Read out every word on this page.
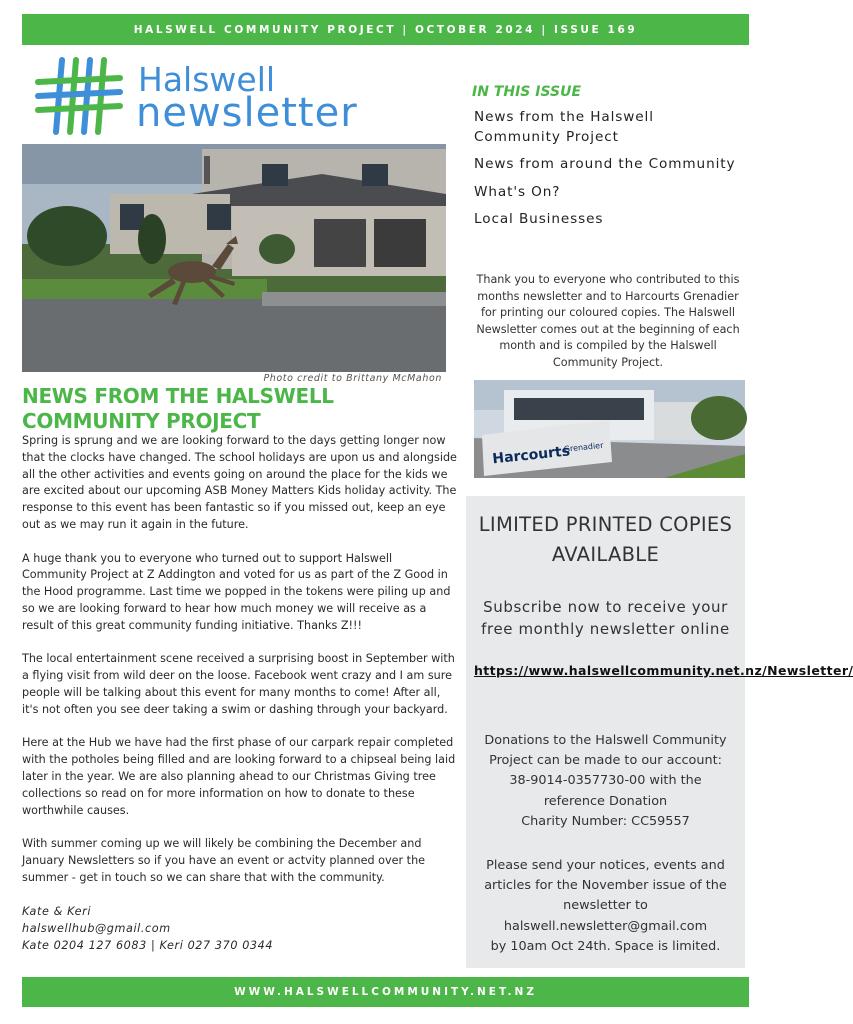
HALSWELL COMMUNITY PROJECT | OCTOBER 2024 | ISSUE 169
Halswell
newsletter
Photo credit to Brittany McMahon
NEWS FROM THE HALSWELL COMMUNITY PROJECT

Spring is sprung and we are looking forward to the days getting longer now that the clocks have changed. The school holidays are upon us and alongside all the other activities and events going on around the place for the kids we are excited about our upcoming ASB Money Matters Kids holiday activity. The response to this event has been fantastic so if you missed out, keep an eye out as we may run it again in the future.

A huge thank you to everyone who turned out to support Halswell Community Project at Z Addington and voted for us as part of the Z Good in the Hood programme. Last time we popped in the tokens were piling up and so we are looking forward to hear how much money we will receive as a result of this great community funding initiative. Thanks Z!!!

The local entertainment scene received a surprising boost in September with a flying visit from wild deer on the loose. Facebook went crazy and I am sure people will be talking about this event for many months to come! After all, it's not often you see deer taking a swim or dashing through your backyard.

Here at the Hub we have had the first phase of our carpark repair completed with the potholes being filled and are looking forward to a chipseal being laid later in the year. We are also planning ahead to our Christmas Giving tree collections so read on for more information on how to donate to these worthwhile causes.

With summer coming up we will likely be combining the December and January Newsletters so if you have an event or actvity planned over the summer - get in touch so we can share that with the community.

Kate & Keri
halswellhub@gmail.com
Kate 0204 127 6083 | Keri 027 370 0344
IN THIS ISSUE
News from the Halswell Community Project
News from around the Community
What's On?
Local Businesses
Thank you to everyone who contributed to this months newsletter and to Harcourts Grenadier for printing our coloured copies. The Halswell Newsletter comes out at the beginning of each month and is compiled by the Halswell Community Project.
Harcourts
Grenadier
LIMITED PRINTED COPIES AVAILABLE
Subscribe now to receive your free monthly newsletter online
https://www.halswellcommunity.net.nz/Newsletter/
Donations to the Halswell Community
Project can be made to our account:
38-9014-0357730-00 with the
reference Donation
Charity Number: CC59557
Please send your notices, events and
articles for the November issue of the
newsletter to
halswell.newsletter@gmail.com
by 10am Oct 24th. Space is limited.
WWW.HALSWELLCOMMUNITY.NET.NZ
